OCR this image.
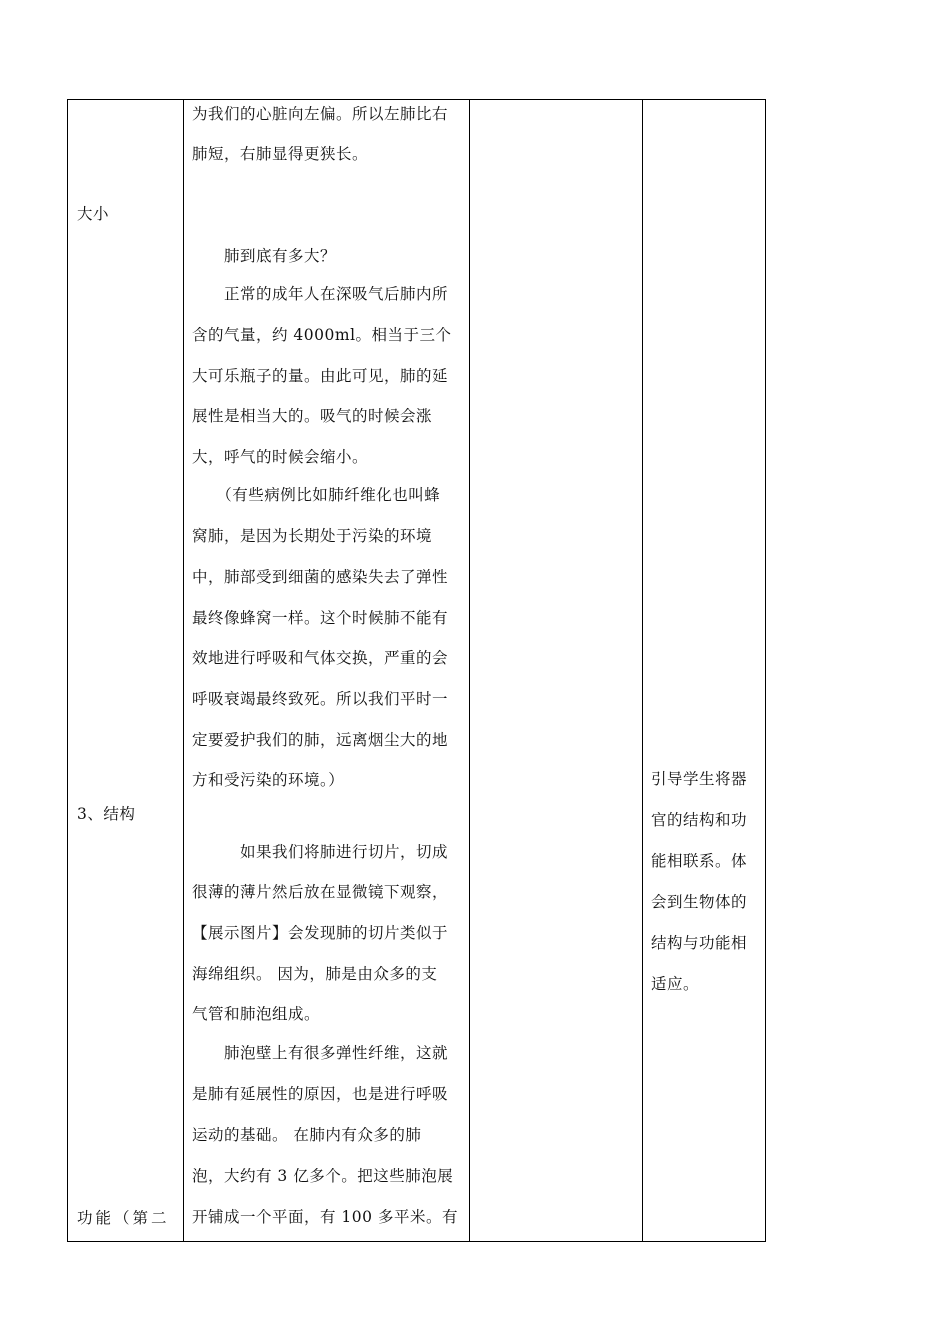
大小
3、结构
功能（第二
为我们的心脏向左偏。所以左肺比右
肺短，右肺显得更狭长。
　　肺到底有多大？
　　正常的成年人在深吸气后肺内所
含的气量，约 4000ml。相当于三个
大可乐瓶子的量。由此可见，肺的延
展性是相当大的。吸气的时候会涨
大，呼气的时候会缩小。
　　（有些病例比如肺纤维化也叫蜂
窝肺，是因为长期处于污染的环境
中，肺部受到细菌的感染失去了弹性
最终像蜂窝一样。这个时候肺不能有
效地进行呼吸和气体交换，严重的会
呼吸衰竭最终致死。所以我们平时一
定要爱护我们的肺，远离烟尘大的地
方和受污染的环境。）
　　　如果我们将肺进行切片，切成
很薄的薄片然后放在显微镜下观察，
【展示图片】会发现肺的切片类似于
海绵组织。 因为，肺是由众多的支
气管和肺泡组成。
　　肺泡壁上有很多弹性纤维，这就
是肺有延展性的原因，也是进行呼吸
运动的基础。 在肺内有众多的肺
泡，大约有 3 亿多个。把这些肺泡展
开铺成一个平面，有 100 多平米。有
引导学生将器
官的结构和功
能相联系。体
会到生物体的
结构与功能相
适应。
